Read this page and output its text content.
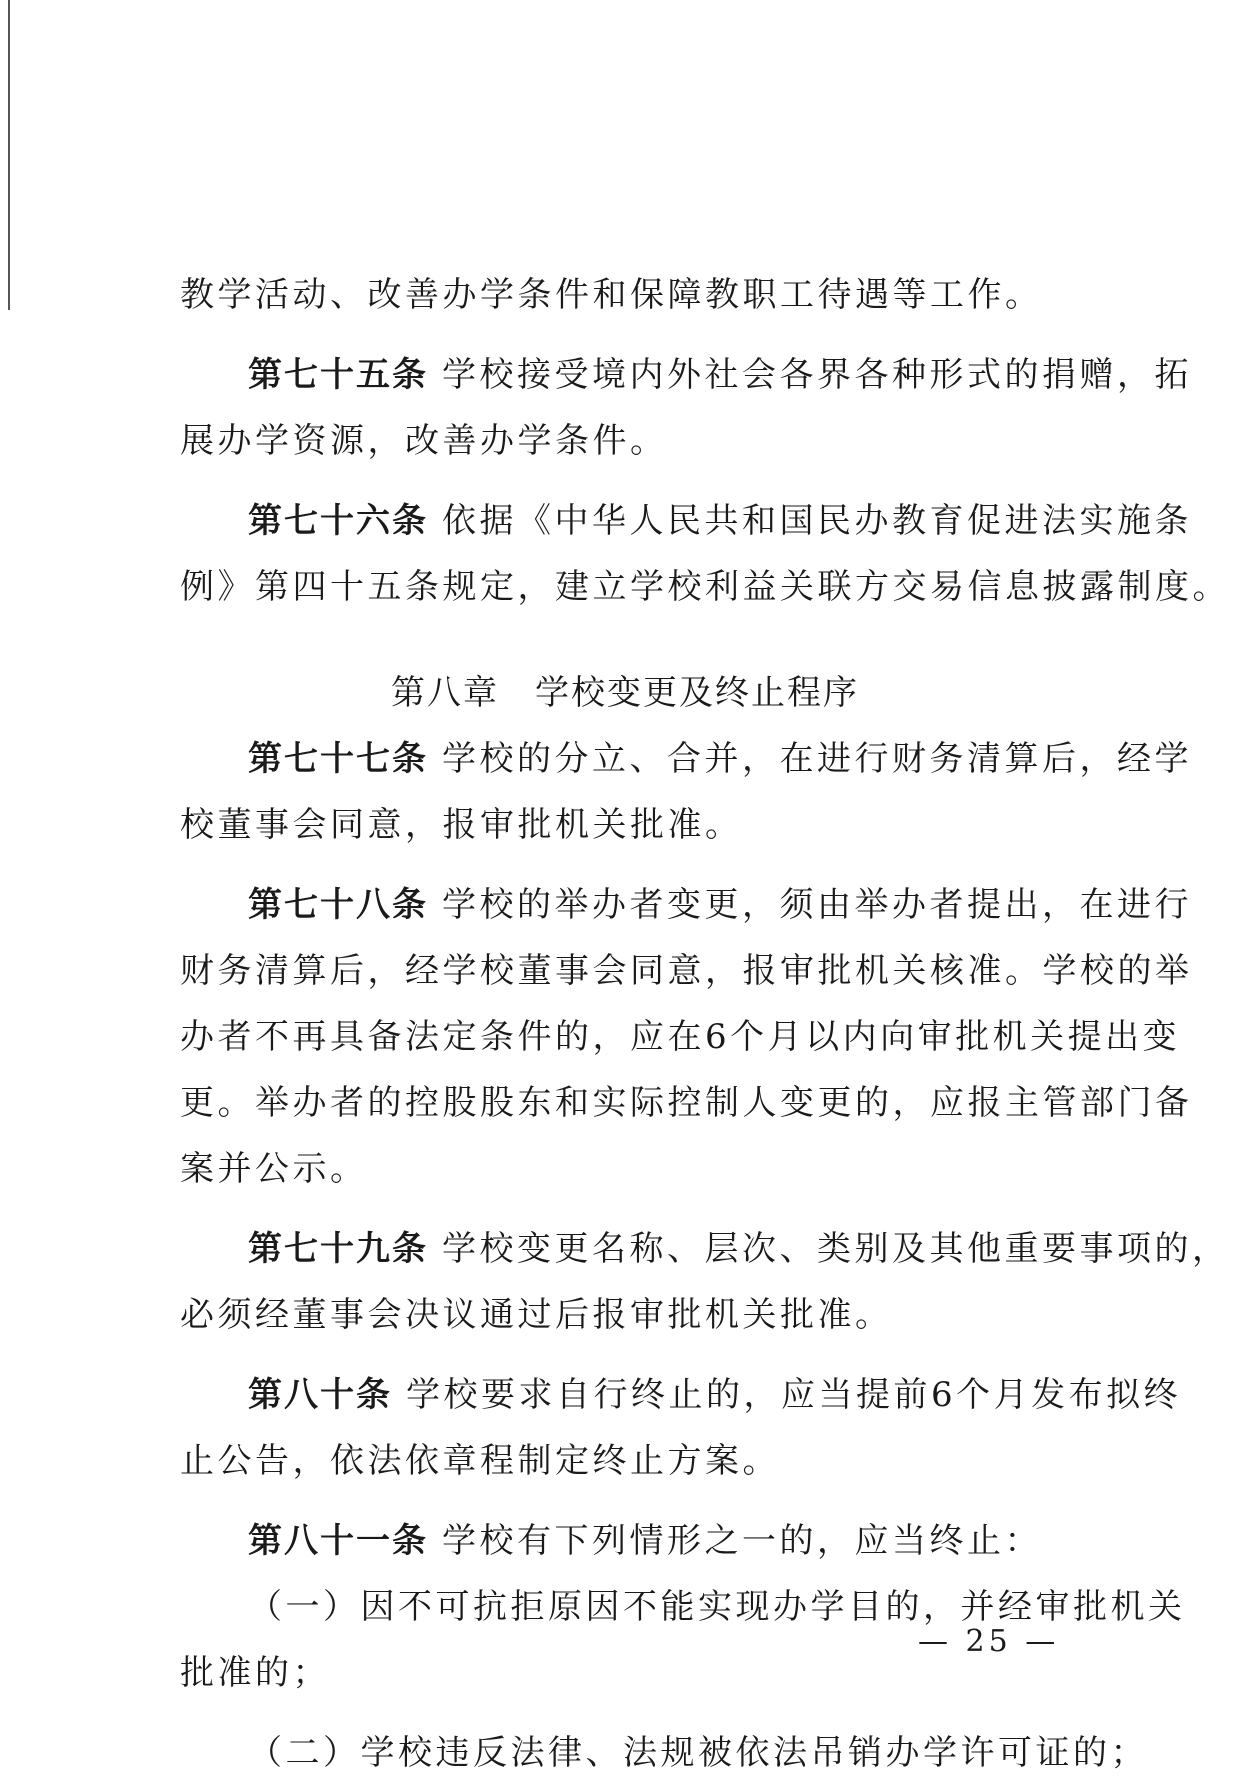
教学活动、改善办学条件和保障教职工待遇等工作。
第七十五条 学校接受境内外社会各界各种形式的捐赠，拓
展办学资源，改善办学条件。
第七十六条 依据《中华人民共和国民办教育促进法实施条
例》第四十五条规定，建立学校利益关联方交易信息披露制度。
第八章　学校变更及终止程序
第七十七条 学校的分立、合并，在进行财务清算后，经学
校董事会同意，报审批机关批准。
第七十八条 学校的举办者变更，须由举办者提出，在进行
财务清算后，经学校董事会同意，报审批机关核准。学校的举
办者不再具备法定条件的，应在6个月以内向审批机关提出变
更。举办者的控股股东和实际控制人变更的，应报主管部门备
案并公示。
第七十九条 学校变更名称、层次、类别及其他重要事项的，
必须经董事会决议通过后报审批机关批准。
第八十条 学校要求自行终止的，应当提前6个月发布拟终
止公告，依法依章程制定终止方案。
第八十一条 学校有下列情形之一的，应当终止：
（一）因不可抗拒原因不能实现办学目的，并经审批机关
批准的；
（二）学校违反法律、法规被依法吊销办学许可证的；
— 25 —
